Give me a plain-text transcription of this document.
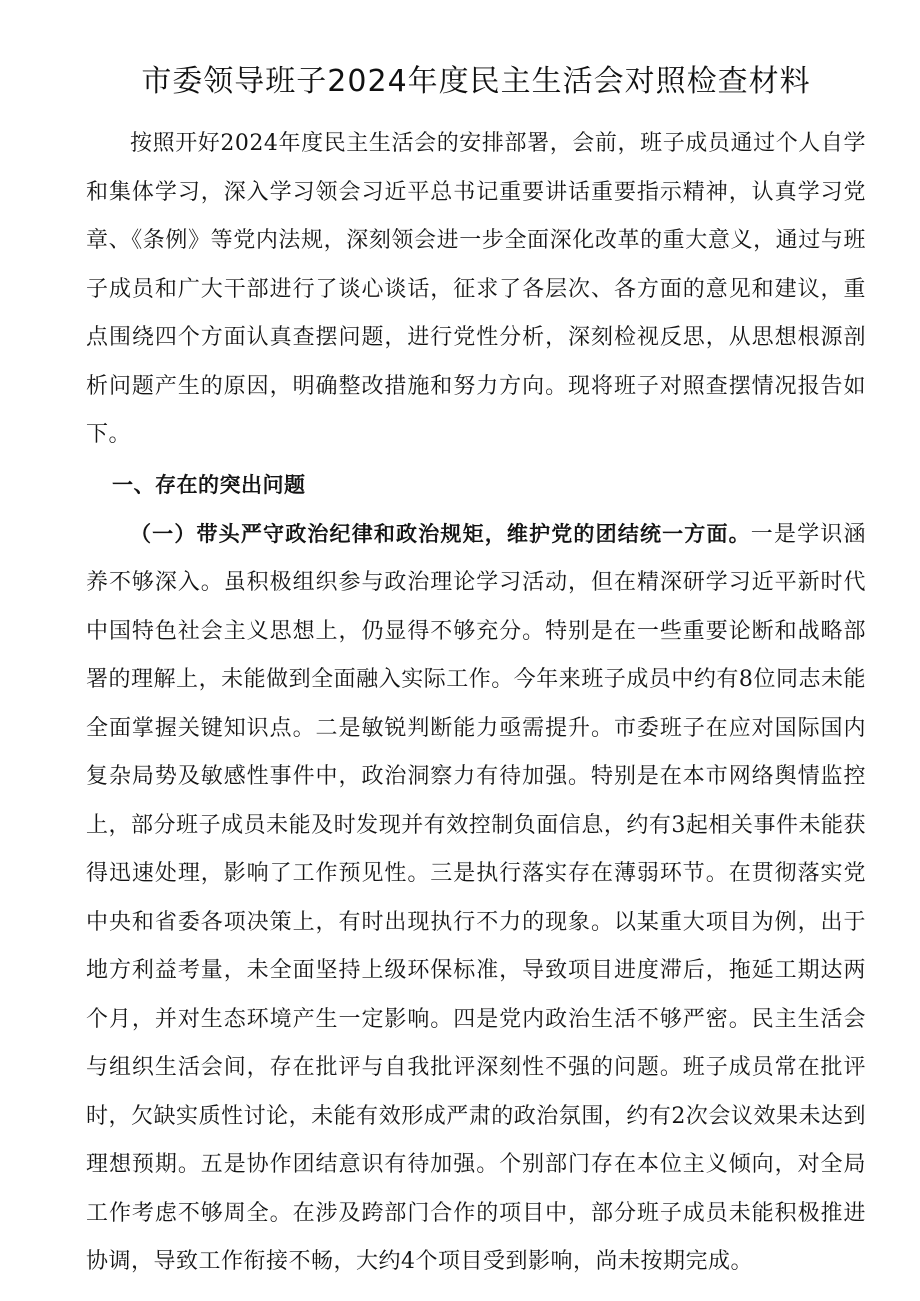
市委领导班子2024年度民主生活会对照检查材料

按照开好2024年度民主生活会的安排部署，会前，班子成员通过个人自学和集体学习，深入学习领会习近平总书记重要讲话重要指示精神，认真学习党章、《条例》等党内法规，深刻领会进一步全面深化改革的重大意义，通过与班子成员和广大干部进行了谈心谈话，征求了各层次、各方面的意见和建议，重点围绕四个方面认真查摆问题，进行党性分析，深刻检视反思，从思想根源剖析问题产生的原因，明确整改措施和努力方向。现将班子对照查摆情况报告如下。

一、存在的突出问题

（一）带头严守政治纪律和政治规矩，维护党的团结统一方面。一是学识涵养不够深入。虽积极组织参与政治理论学习活动，但在精深研学习近平新时代中国特色社会主义思想上，仍显得不够充分。特别是在一些重要论断和战略部署的理解上，未能做到全面融入实际工作。今年来班子成员中约有8位同志未能全面掌握关键知识点。二是敏锐判断能力亟需提升。市委班子在应对国际国内复杂局势及敏感性事件中，政治洞察力有待加强。特别是在本市网络舆情监控上，部分班子成员未能及时发现并有效控制负面信息，约有3起相关事件未能获得迅速处理，影响了工作预见性。三是执行落实存在薄弱环节。在贯彻落实党中央和省委各项决策上，有时出现执行不力的现象。以某重大项目为例，出于地方利益考量，未全面坚持上级环保标准，导致项目进度滞后，拖延工期达两个月，并对生态环境产生一定影响。四是党内政治生活不够严密。民主生活会与组织生活会间，存在批评与自我批评深刻性不强的问题。班子成员常在批评时，欠缺实质性讨论，未能有效形成严肃的政治氛围，约有2次会议效果未达到理想预期。五是协作团结意识有待加强。个别部门存在本位主义倾向，对全局工作考虑不够周全。在涉及跨部门合作的项目中，部分班子成员未能积极推进协调，导致工作衔接不畅，大约4个项目受到影响，尚未按期完成。
